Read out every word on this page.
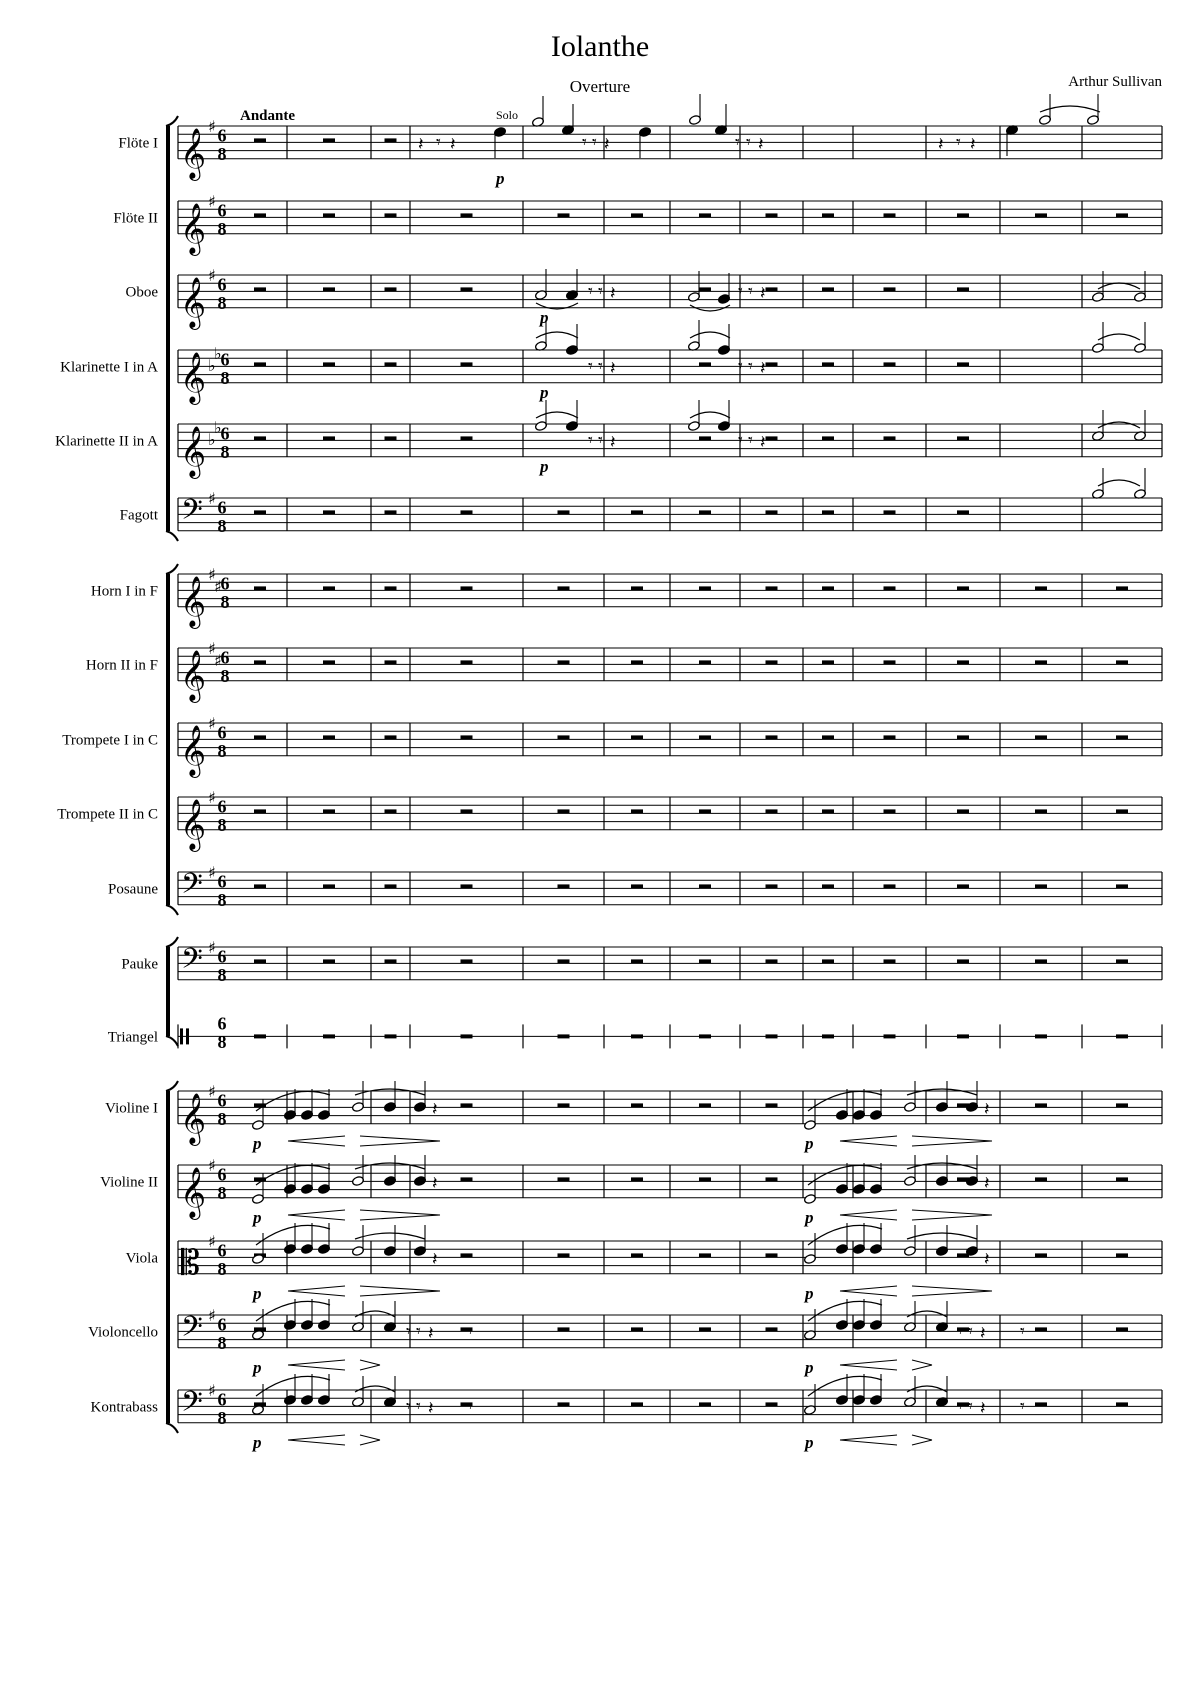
Iolanthe
Overture	Arthur Sullivan
Flöte I 𝄞
♯ 6
8
Flöte II 𝄞
♯ 6
8
Oboe 𝄞
♯ 6
8
Klarinette I in A 𝄞 ♭
♭
6
8
Klarinette II in A 𝄞 ♭
♭
6
8
Fagott 𝄢 ♯ 6
8
Horn I in F 𝄞
♯
♯
6
8
Horn II in F 𝄞
♯
♯
6
8
Trompete I in C 𝄞
♯ 6
8
Trompete II in C 𝄞
♯ 6
8
Posaune 𝄢 ♯ 6
8
Pauke 𝄢 ♯ 6
8
Triangel
6
8
Violine I 𝄞
♯ 6
8
Violine II 𝄞
♯ 6
8
Viola 𝄡
♯ 6
8
Violoncello 𝄢 ♯ 6
8
Kontrabass 𝄢 ♯ 6
8
Andante	Solo
𝄽 𝄾 𝄽
p
𝄾 𝄾 𝄽	𝄾 𝄾 𝄽	𝄽 𝄾 𝄽
𝄾 𝄾 𝄽
p
𝄾 𝄾 𝄽
𝄾 𝄾 𝄽
p
𝄾 𝄾 𝄽
𝄾 𝄾 𝄽
p
𝄾 𝄾 𝄽
𝄽
p
𝄽
p
𝄽
p
𝄽
p
𝄽
p
𝄽
p
𝄾 𝄾 𝄽 𝄾
p
𝄾 𝄾 𝄽 𝄾
p
𝄾 𝄾 𝄽 𝄾
p
𝄾 𝄾 𝄽 𝄾
p
